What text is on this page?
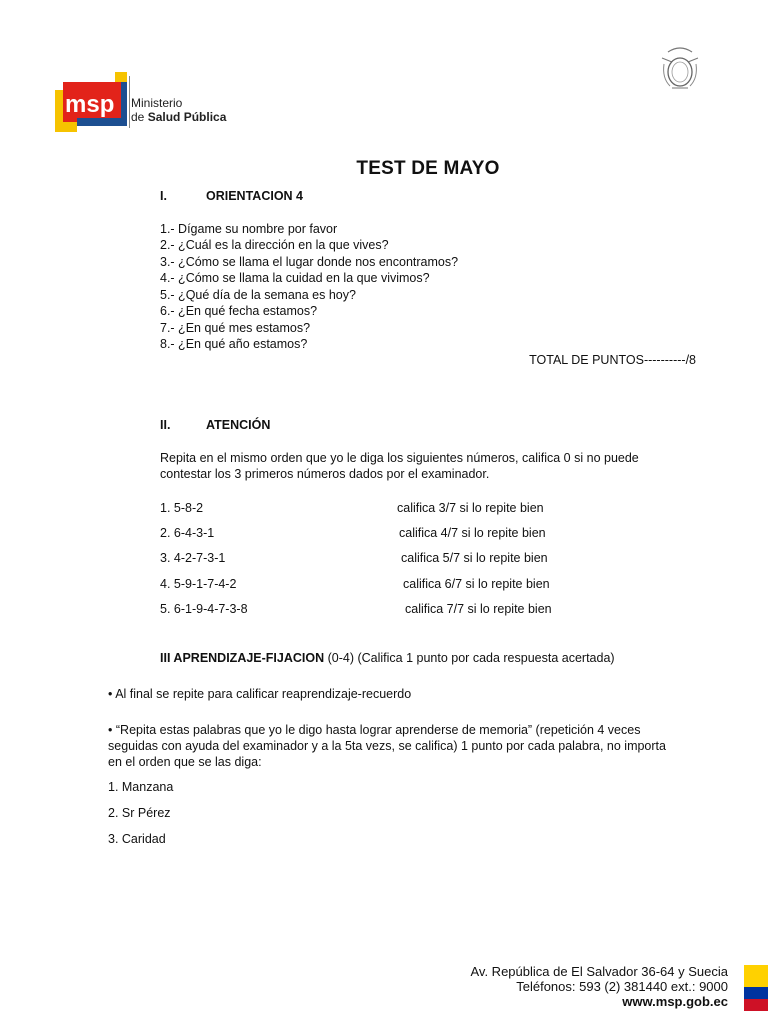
msp Ministerio
de Salud Pública
TEST DE MAYO
I.	ORIENTACION 4
1.- Dígame su nombre por favor
2.- ¿Cuál es la dirección en la que vives?
3.- ¿Cómo se llama el lugar donde nos encontramos?
4.- ¿Cómo se llama la cuidad en la que vivimos?
5.- ¿Qué día de la semana es hoy?
6.- ¿En qué fecha estamos?
7.- ¿En qué mes estamos?
8.- ¿En qué año estamos?
TOTAL DE PUNTOS----------/8
II.	ATENCIÓN
Repita en el mismo orden que yo le diga los siguientes números, califica 0 si no puede
contestar los 3 primeros números dados por el examinador.
1. 5-8-2	califica 3/7 si lo repite bien
2. 6-4-3-1	califica 4/7 si lo repite bien
3. 4-2-7-3-1	califica 5/7 si lo repite bien
4. 5-9-1-7-4-2	califica 6/7 si lo repite bien
5. 6-1-9-4-7-3-8	califica 7/7 si lo repite bien
III APRENDIZAJE-FIJACION (0-4) (Califica 1 punto por cada respuesta acertada)
• Al final se repite para calificar reaprendizaje-recuerdo
• “Repita estas palabras que yo le digo hasta lograr aprenderse de memoria” (repetición 4 veces
seguidas con ayuda del examinador y a la 5ta vezs, se califica) 1 punto por cada palabra, no importa
en el orden que se las diga:
1. Manzana
2. Sr Pérez
3. Caridad
Av. República de El Salvador 36-64 y Suecia
Teléfonos: 593 (2) 381440 ext.: 9000
www.msp.gob.ec
